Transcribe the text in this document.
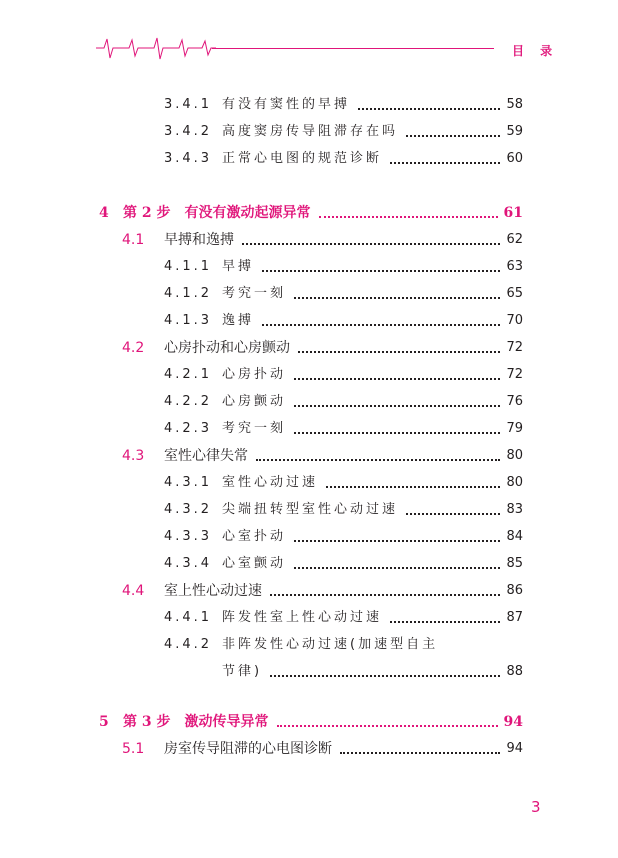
目 录
3.4.1 有没有窦性的早搏	58
3.4.2 高度窦房传导阻滞存在吗	59
3.4.3 正常心电图的规范诊断	60
4 第 2 步　有没有激动起源异常	61
4.1 早搏和逸搏	62
4.1.1 早搏	63
4.1.2 考究一刻	65
4.1.3 逸搏	70
4.2 心房扑动和心房颤动	72
4.2.1 心房扑动	72
4.2.2 心房颤动	76
4.2.3 考究一刻	79
4.3 室性心律失常	80
4.3.1 室性心动过速	80
4.3.2 尖端扭转型室性心动过速	83
4.3.3 心室扑动	84
4.3.4 心室颤动	85
4.4 室上性心动过速	86
4.4.1 阵发性室上性心动过速	87
4.4.2 非阵发性心动过速(加速型自主
节律)	88
5 第 3 步　激动传导异常	94
5.1 房室传导阻滞的心电图诊断	94
3
